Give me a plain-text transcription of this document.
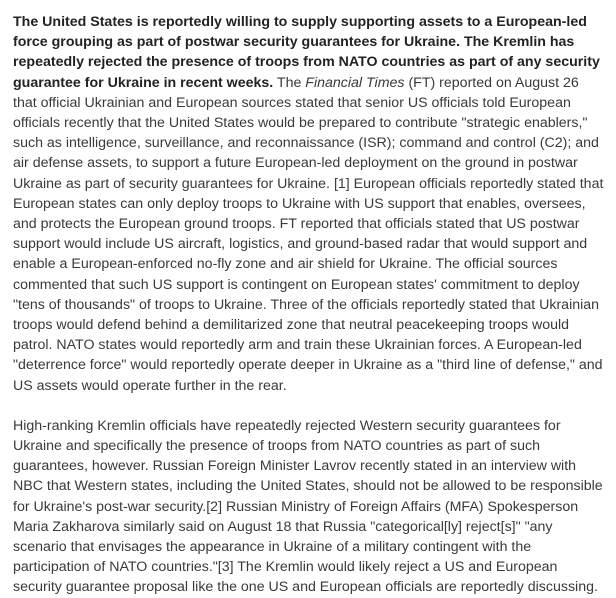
The United States is reportedly willing to supply supporting assets to a European-led force grouping as part of postwar security guarantees for Ukraine. The Kremlin has repeatedly rejected the presence of troops from NATO countries as part of any security guarantee for Ukraine in recent weeks. The Financial Times (FT) reported on August 26 that official Ukrainian and European sources stated that senior US officials told European officials recently that the United States would be prepared to contribute "strategic enablers," such as intelligence, surveillance, and reconnaissance (ISR); command and control (C2); and air defense assets, to support a future European-led deployment on the ground in postwar Ukraine as part of security guarantees for Ukraine. [1] European officials reportedly stated that European states can only deploy troops to Ukraine with US support that enables, oversees, and protects the European ground troops. FT reported that officials stated that US postwar support would include US aircraft, logistics, and ground-based radar that would support and enable a European-enforced no-fly zone and air shield for Ukraine. The official sources commented that such US support is contingent on European states' commitment to deploy "tens of thousands" of troops to Ukraine. Three of the officials reportedly stated that Ukrainian troops would defend behind a demilitarized zone that neutral peacekeeping troops would patrol. NATO states would reportedly arm and train these Ukrainian forces. A European-led "deterrence force" would reportedly operate deeper in Ukraine as a "third line of defense," and US assets would operate further in the rear.

High-ranking Kremlin officials have repeatedly rejected Western security guarantees for Ukraine and specifically the presence of troops from NATO countries as part of such guarantees, however. Russian Foreign Minister Lavrov recently stated in an interview with NBC that Western states, including the United States, should not be allowed to be responsible for Ukraine's post-war security.[2] Russian Ministry of Foreign Affairs (MFA) Spokesperson Maria Zakharova similarly said on August 18 that Russia "categorical[ly] reject[s]" "any scenario that envisages the appearance in Ukraine of a military contingent with the participation of NATO countries."[3] The Kremlin would likely reject a US and European security guarantee proposal like the one US and European officials are reportedly discussing.
